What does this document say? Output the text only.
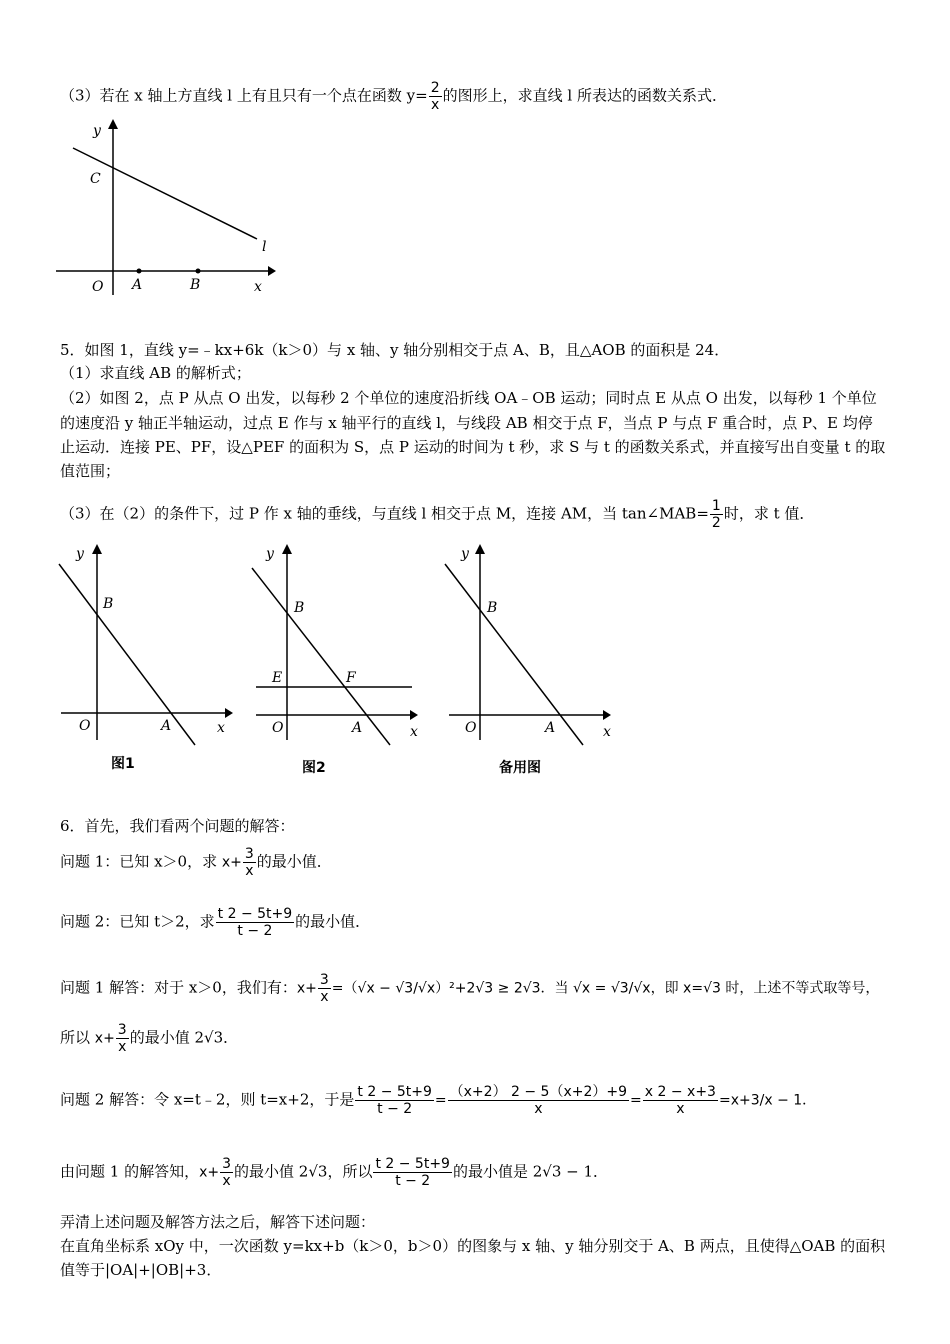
（3）若在 x 轴上方直线 l 上有且只有一个点在函数 $y= \frac{2}{x}$ 的图形上，求直线 l 所表达的函数关系式．
y
C
l
O A	B	x
5．如图 1，直线 y=﹣kx+6k（k＞0）与 x 轴、y 轴分别相交于点 A、B，且△AOB 的面积是 24．
（1）求直线 AB 的解析式；
（2）如图 2，点 P 从点 O 出发，以每秒 2 个单位的速度沿折线 OA﹣OB 运动；同时点 E 从点 O 出发，以每秒 1 个单位
的速度沿 y 轴正半轴运动，过点 E 作与 x 轴平行的直线 l，与线段 AB 相交于点 F，当点 P 与点 F 重合时，点 P、E 均停
止运动．连接 PE、PF，设△PEF 的面积为 S，点 P 运动的时间为 t 秒，求 S 与 t 的函数关系式，并直接写出自变量 t 的取
值范围；
（3）在（2）的条件下，过 P 作 x 轴的垂线，与直线 l 相交于点 M，连接 AM，当 tan∠MAB= $\frac{1}{2}$ 时，求 t 值．
y
B
O	A	x
图1
y
B
E	F
O	A	x
图2
y
B
O	A	x
备用图
6．首先，我们看两个问题的解答：
问题 1：已知 x＞0，求 $x+ \frac{3}{x}$ 的最小值．
问题 2：已知 t＞2，求 $\frac{t 2 - 5t+9}{t - 2}$ 的最小值．
问题 1 解答：对于 x＞0，我们有：$x+ \frac{3}{x} =(√x - √3/√x)^2+2√3 \ge 2√3$．当 √x = √3/√x，即 x=√3 时，上述不等式取等号，
所以 $x+ \frac{3}{x}$ 的最小值 2√3．
问题 2 解答：令 x=t﹣2，则 t=x+2，于是 $\frac{t 2 - 5t+9}{t - 2} = \frac{(x+2) 2 - 5(x+2)+9}{x} = \frac{x 2 - x+3}{x} =x+3/x - 1$．
由问题 1 的解答知，$x+ \frac{3}{x}$ 的最小值 2√3，所以 $\frac{t 2 - 5t+9}{t - 2}$ 的最小值是 2√3 − 1．
弄清上述问题及解答方法之后，解答下述问题：
在直角坐标系 xOy 中，一次函数 y=kx+b（k＞0，b＞0）的图象与 x 轴、y 轴分别交于 A、B 两点，且使得△OAB 的面积
值等于|OA|+|OB|+3．
